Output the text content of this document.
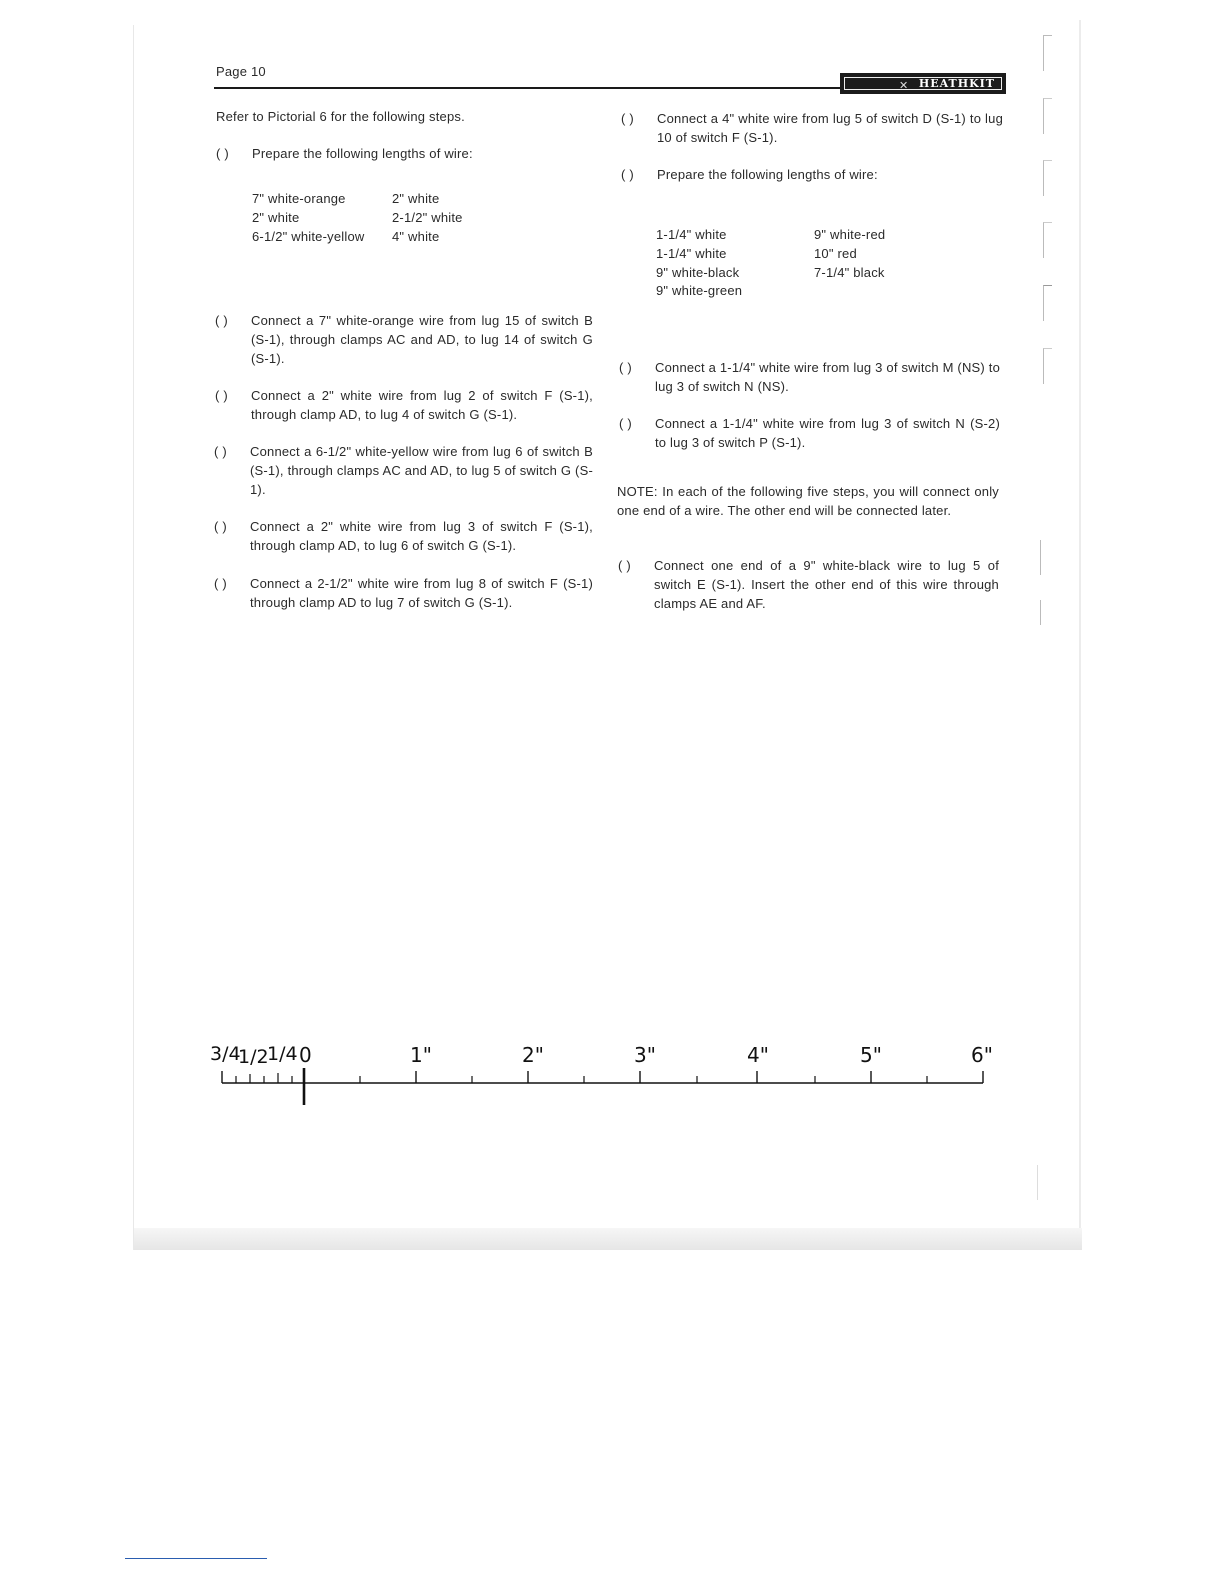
Page 10
✕ HEATHKIT
Refer to Pictorial 6 for the following steps.
( )	Prepare the following lengths of wire:
7" white-orange	2" white
2" white	2-1/2" white
6-1/2" white-yellow	4" white
( )	Connect a 7" white-orange wire from lug 15 of switch B (S-1), through clamps AC and AD, to lug 14 of switch G (S-1).
( )	Connect a 2" white wire from lug 2 of switch F (S-1), through clamp AD, to lug 4 of switch G (S-1).
( )	Connect a 6-1/2" white-yellow wire from lug 6 of switch B (S-1), through clamps AC and AD, to lug 5 of switch G (S-1).
( )	Connect a 2" white wire from lug 3 of switch F (S-1), through clamp AD, to lug 6 of switch G (S-1).
( )	Connect a 2-1/2" white wire from lug 8 of switch F (S-1) through clamp AD to lug 7 of switch G (S-1).
( )	Connect a 4" white wire from lug 5 of switch D (S-1) to lug 10 of switch F (S-1).
( )	Prepare the following lengths of wire:
1-1/4" white	9" white-red
1-1/4" white	10" red
9" white-black	7-1/4" black
9" white-green
( )	Connect a 1-1/4" white wire from lug 3 of switch M (NS) to lug 3 of switch N (NS).
( )	Connect a 1-1/4" white wire from lug 3 of switch N (S-2) to lug 3 of switch P (S-1).
NOTE: In each of the following five steps, you will connect only one end of a wire. The other end will be connected later.
( )	Connect one end of a 9" white-black wire to lug 5 of switch E (S-1). Insert the other end of this wire through clamps AE and AF.
3/4
1/2
1/4 0	1"	2"	3"	4"	5"	6"
